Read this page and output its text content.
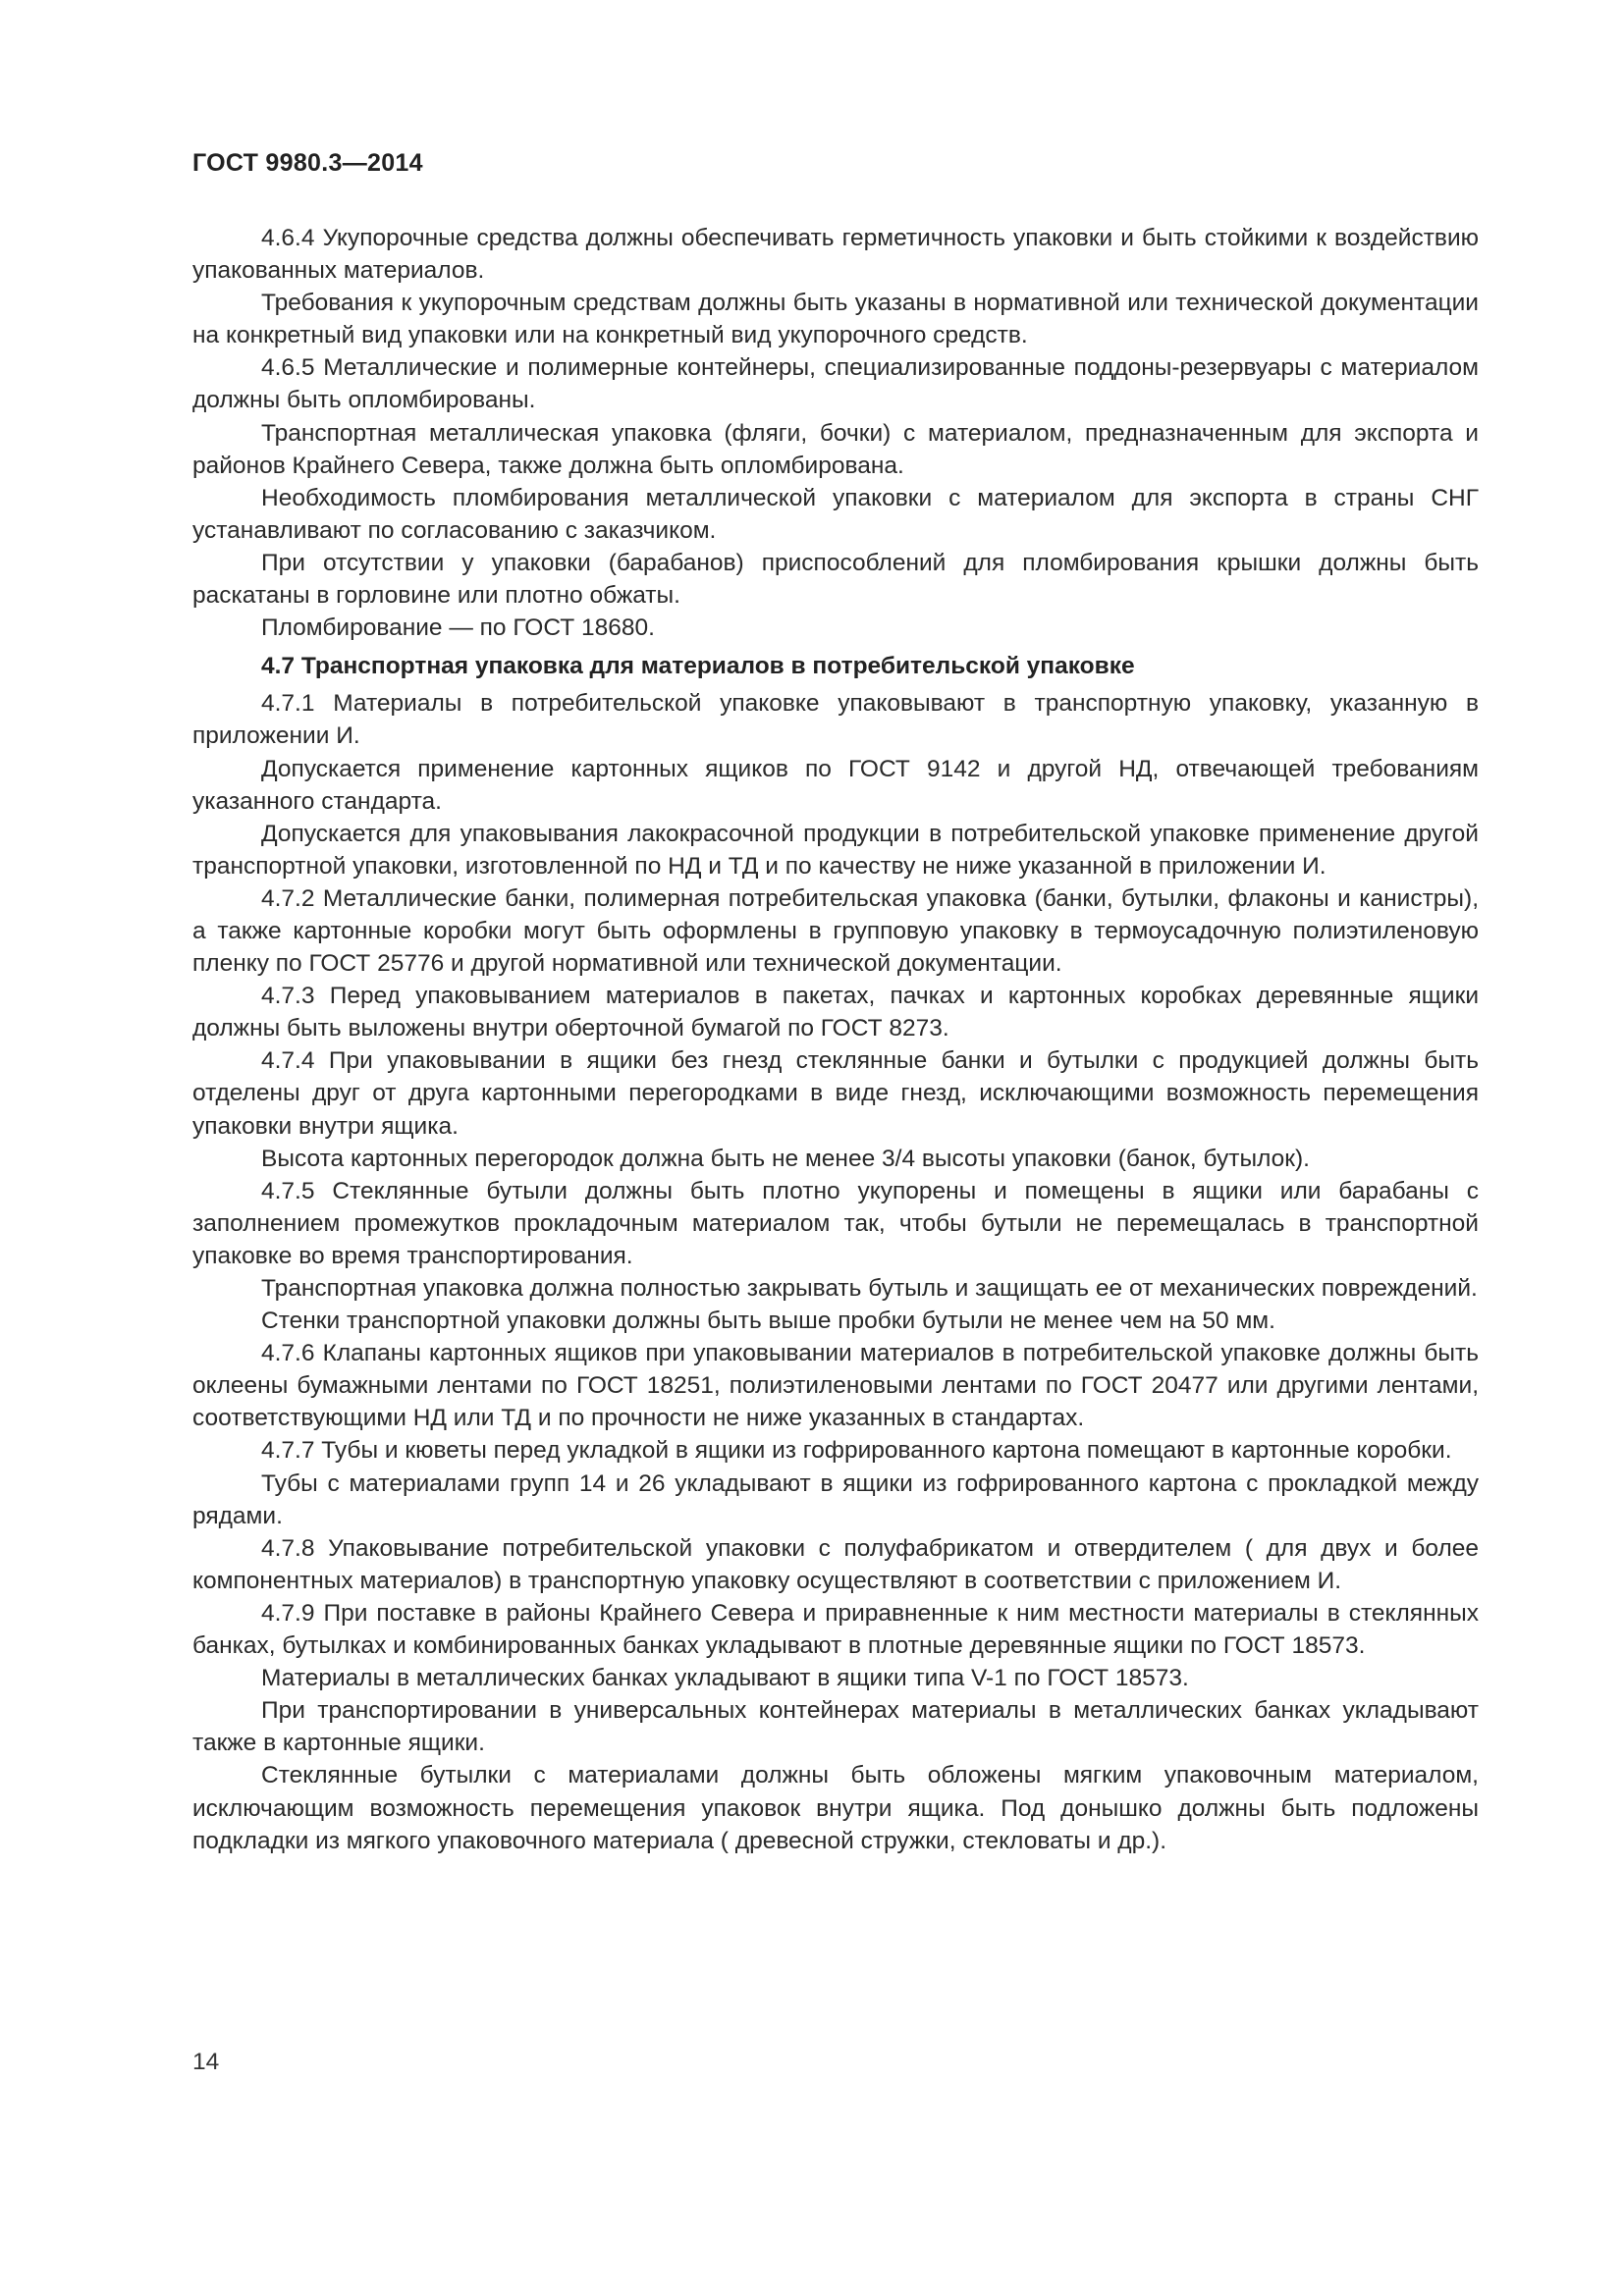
ГОСТ 9980.3—2014

4.6.4 Укупорочные средства должны обеспечивать герметичность упаковки и быть стойкими к воздействию упакованных материалов.

Требования к укупорочным средствам должны быть указаны в нормативной или технической документации на конкретный вид упаковки или на конкретный вид укупорочного средств.

4.6.5 Металлические и полимерные контейнеры, специализированные поддоны-резервуары с материалом должны быть опломбированы.

Транспортная металлическая упаковка (фляги, бочки) с материалом, предназначенным для экспорта и районов Крайнего Севера, также должна быть опломбирована.

Необходимость пломбирования металлической упаковки с материалом для экспорта в страны СНГ устанавливают по согласованию с заказчиком.

При отсутствии у упаковки (барабанов) приспособлений для пломбирования крышки должны быть раскатаны в горловине или плотно обжаты.

Пломбирование — по ГОСТ 18680.

4.7 Транспортная упаковка для материалов в потребительской упаковке

4.7.1 Материалы в потребительской упаковке упаковывают в транспортную упаковку, указанную в приложении И.

Допускается применение картонных ящиков по ГОСТ 9142 и другой НД, отвечающей требованиям указанного стандарта.

Допускается для упаковывания лакокрасочной продукции в потребительской упаковке применение другой транспортной упаковки, изготовленной по НД и ТД и по качеству не ниже указанной в приложении И.

4.7.2 Металлические банки, полимерная потребительская упаковка (банки, бутылки, флаконы и канистры), а также картонные коробки могут быть оформлены в групповую упаковку в термоусадочную полиэтиленовую пленку по ГОСТ 25776 и другой нормативной или технической документации.

4.7.3 Перед упаковыванием материалов в пакетах, пачках и картонных коробках деревянные ящики должны быть выложены внутри оберточной бумагой по ГОСТ 8273.

4.7.4 При упаковывании в ящики без гнезд стеклянные банки и бутылки с продукцией должны быть отделены друг от друга картонными перегородками в виде гнезд, исключающими возможность перемещения упаковки внутри ящика.

Высота картонных перегородок должна быть не менее 3/4 высоты упаковки (банок, бутылок).

4.7.5 Стеклянные бутыли должны быть плотно укупорены и помещены в ящики или барабаны с заполнением промежутков прокладочным материалом так, чтобы бутыли не перемещалась в транспортной упаковке во время транспортирования.

Транспортная упаковка должна полностью закрывать бутыль и защищать ее от механических повреждений.

Стенки транспортной упаковки должны быть выше пробки бутыли не менее чем на 50 мм.

4.7.6 Клапаны картонных ящиков при упаковывании материалов в потребительской упаковке должны быть оклеены бумажными лентами по ГОСТ 18251, полиэтиленовыми лентами по ГОСТ 20477 или другими лентами, соответствующими НД или ТД и по прочности не ниже указанных в стандартах.

4.7.7 Тубы и кюветы перед укладкой в ящики из гофрированного картона помещают в картонные коробки.

Тубы с материалами групп 14 и 26 укладывают в ящики из гофрированного картона с прокладкой между рядами.

4.7.8 Упаковывание потребительской упаковки с полуфабрикатом и отвердителем ( для двух и более компонентных материалов) в транспортную упаковку осуществляют в соответствии с приложением И.

4.7.9 При поставке в районы Крайнего Севера и приравненные к ним местности материалы в стеклянных банках, бутылках и комбинированных банках укладывают в плотные деревянные ящики по ГОСТ 18573.

Материалы в металлических банках укладывают в ящики типа V-1 по ГОСТ 18573.

При транспортировании в универсальных контейнерах материалы в металлических банках укладывают также в картонные ящики.

Стеклянные бутылки с материалами должны быть обложены мягким упаковочным материалом, исключающим возможность перемещения упаковок внутри ящика. Под донышко должны быть подложены подкладки из мягкого упаковочного материала ( древесной стружки, стекловаты и др.).

14
